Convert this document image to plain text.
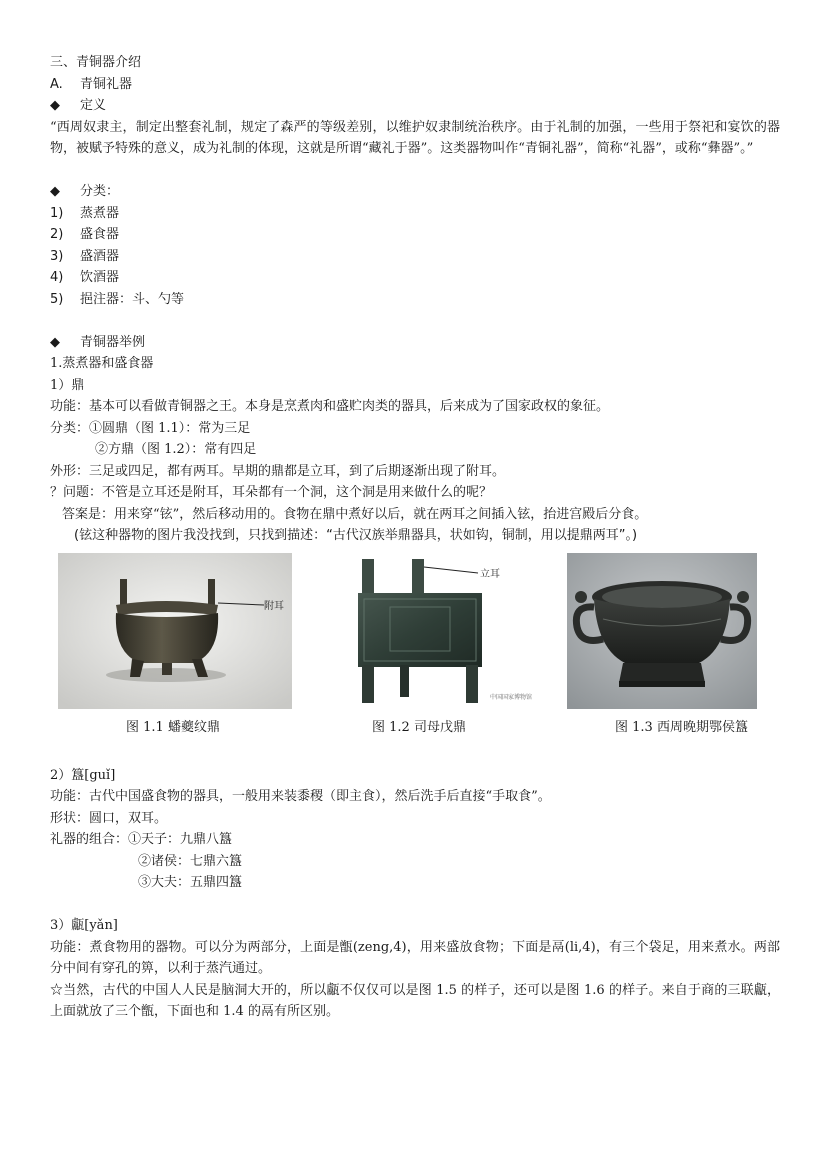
三、青铜器介绍
A. 青铜礼器
◆ 定义
“西周奴隶主，制定出整套礼制，规定了森严的等级差别，以维护奴隶制统治秩序。由于礼制的加强，一些用于祭祀和宴饮的器物，被赋予特殊的意义，成为礼制的体现，这就是所谓“藏礼于器”。这类器物叫作“青铜礼器”，简称“礼器”，或称“彝器”。”
◆ 分类：
1) 蒸煮器
2) 盛食器
3) 盛酒器
4) 饮酒器
5) 挹注器：斗、勺等
◆ 青铜器举例
1.蒸煮器和盛食器
1）鼎
功能：基本可以看做青铜器之王。本身是烹煮肉和盛贮肉类的器具，后来成为了国家政权的象征。
分类：①圆鼎（图 1.1）：常为三足
②方鼎（图 1.2）：常有四足
外形：三足或四足，都有两耳。早期的鼎都是立耳，到了后期逐渐出现了附耳。
？问题：不管是立耳还是附耳，耳朵都有一个洞，这个洞是用来做什么的呢？
答案是：用来穿“铉”，然后移动用的。食物在鼎中煮好以后，就在两耳之间插入铉，抬进宫殿后分食。
(铉这种器物的图片我没找到，只找到描述：“古代汉族举鼎器具，状如钩，铜制，用以提鼎两耳”。)
附耳
图 1.1 蟠夔纹鼎
立耳
中国国家博物馆
图 1.2 司母戊鼎	图 1.3 西周晚期鄂侯簋
2）簋[guǐ]
功能：古代中国盛食物的器具，一般用来装黍稷（即主食），然后洗手后直接“手取食”。
形状：圆口，双耳。
礼器的组合：①天子：九鼎八簋
②诸侯：七鼎六簋
③大夫：五鼎四簋
3）甗[yǎn]
功能：煮食物用的器物。可以分为两部分，上面是甑(zeng,4)，用来盛放食物；下面是鬲(li,4)，有三个袋足，用来煮水。两部分中间有穿孔的箅，以利于蒸汽通过。
☆当然，古代的中国人人民是脑洞大开的，所以甗不仅仅可以是图 1.5 的样子，还可以是图 1.6 的样子。来自于商的三联甗，上面就放了三个甑，下面也和 1.4 的鬲有所区别。
